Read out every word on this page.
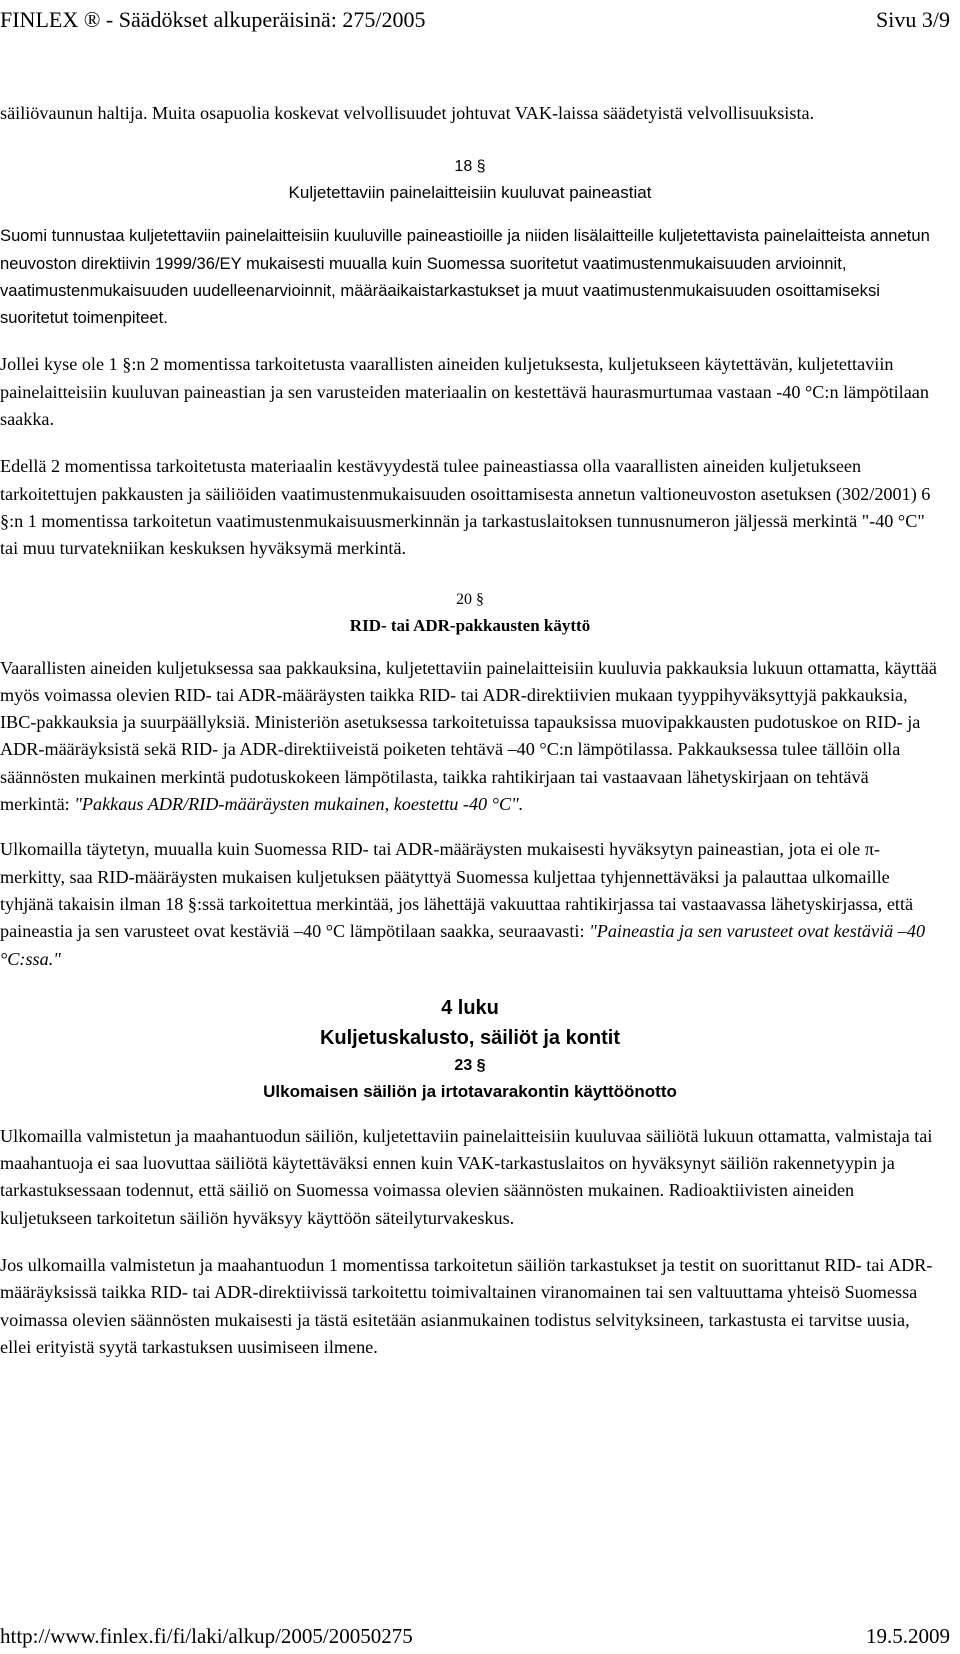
FINLEX ® - Säädökset alkuperäisinä: 275/2005	Sivu 3/9

säiliövaunun haltija. Muita osapuolia koskevat velvollisuudet johtuvat VAK-laissa säädetyistä velvollisuuksista.

18 §
Kuljetettaviin painelaitteisiin kuuluvat paineastiat

Suomi tunnustaa kuljetettaviin painelaitteisiin kuuluville paineastioille ja niiden lisälaitteille kuljetettavista painelaitteista annetun neuvoston direktiivin 1999/36/EY mukaisesti muualla kuin Suomessa suoritetut vaatimustenmukaisuuden arvioinnit, vaatimustenmukaisuuden uudelleenarvioinnit, määräaikaistarkastukset ja muut vaatimustenmukaisuuden osoittamiseksi suoritetut toimenpiteet.

Jollei kyse ole 1 §:n 2 momentissa tarkoitetusta vaarallisten aineiden kuljetuksesta, kuljetukseen käytettävän, kuljetettaviin painelaitteisiin kuuluvan paineastian ja sen varusteiden materiaalin on kestettävä haurasmurtumaa vastaan -40 °C:n lämpötilaan saakka.

Edellä 2 momentissa tarkoitetusta materiaalin kestävyydestä tulee paineastiassa olla vaarallisten aineiden kuljetukseen tarkoitettujen pakkausten ja säiliöiden vaatimustenmukaisuuden osoittamisesta annetun valtioneuvoston asetuksen (302/2001) 6 §:n 1 momentissa tarkoitetun vaatimustenmukaisuusmerkinnän ja tarkastuslaitoksen tunnusnumeron jäljessä merkintä "-40 °C" tai muu turvatekniikan keskuksen hyväksymä merkintä.

20 §
RID- tai ADR-pakkausten käyttö

Vaarallisten aineiden kuljetuksessa saa pakkauksina, kuljetettaviin painelaitteisiin kuuluvia pakkauksia lukuun ottamatta, käyttää myös voimassa olevien RID- tai ADR-määräysten taikka RID- tai ADR-direktiivien mukaan tyyppihyväksyttyjä pakkauksia, IBC-pakkauksia ja suurpäällyksiä. Ministeriön asetuksessa tarkoitetuissa tapauksissa muovipakkausten pudotuskoe on RID- ja ADR-määräyksistä sekä RID- ja ADR-direktiiveistä poiketen tehtävä –40 °C:n lämpötilassa. Pakkauksessa tulee tällöin olla säännösten mukainen merkintä pudotuskokeen lämpötilasta, taikka rahtikirjaan tai vastaavaan lähetyskirjaan on tehtävä merkintä: "Pakkaus ADR/RID-määräysten mukainen, koestettu -40 °C".

Ulkomailla täytetyn, muualla kuin Suomessa RID- tai ADR-määräysten mukaisesti hyväksytyn paineastian, jota ei ole π-merkitty, saa RID-määräysten mukaisen kuljetuksen päätyttyä Suomessa kuljettaa tyhjennettäväksi ja palauttaa ulkomaille tyhjänä takaisin ilman 18 §:ssä tarkoitettua merkintää, jos lähettäjä vakuuttaa rahtikirjassa tai vastaavassa lähetyskirjassa, että paineastia ja sen varusteet ovat kestäviä –40 °C lämpötilaan saakka, seuraavasti: "Paineastia ja sen varusteet ovat kestäviä –40 °C:ssa."

4 luku
Kuljetuskalusto, säiliöt ja kontit
23 §
Ulkomaisen säiliön ja irtotavarakontin käyttöönotto

Ulkomailla valmistetun ja maahantuodun säiliön, kuljetettaviin painelaitteisiin kuuluvaa säiliötä lukuun ottamatta, valmistaja tai maahantuoja ei saa luovuttaa säiliötä käytettäväksi ennen kuin VAK-tarkastuslaitos on hyväksynyt säiliön rakennetyypin ja tarkastuksessaan todennut, että säiliö on Suomessa voimassa olevien säännösten mukainen. Radioaktiivisten aineiden kuljetukseen tarkoitetun säiliön hyväksyy käyttöön säteilyturvakeskus.

Jos ulkomailla valmistetun ja maahantuodun 1 momentissa tarkoitetun säiliön tarkastukset ja testit on suorittanut RID- tai ADR-määräyksissä taikka RID- tai ADR-direktiivissä tarkoitettu toimivaltainen viranomainen tai sen valtuuttama yhteisö Suomessa voimassa olevien säännösten mukaisesti ja tästä esitetään asianmukainen todistus selvityksineen, tarkastusta ei tarvitse uusia, ellei erityistä syytä tarkastuksen uusimiseen ilmene.

http://www.finlex.fi/fi/laki/alkup/2005/20050275	19.5.2009
